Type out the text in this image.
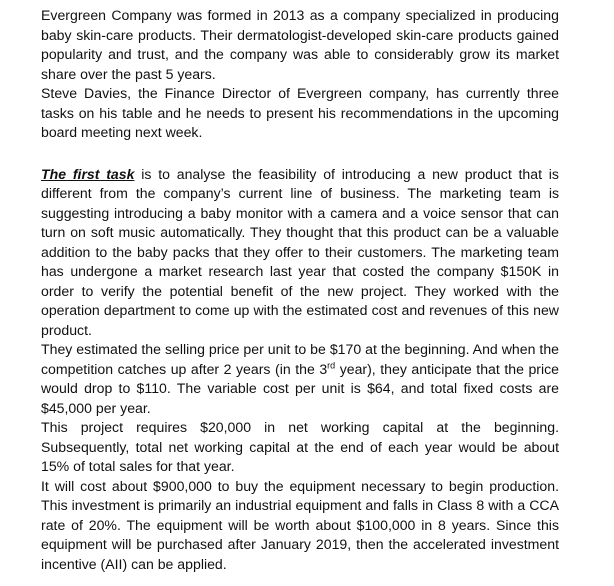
Evergreen Company was formed in 2013 as a company specialized in producing baby skin-care products. Their dermatologist-developed skin-care products gained popularity and trust, and the company was able to considerably grow its market share over the past 5 years.

Steve Davies, the Finance Director of Evergreen company, has currently three tasks on his table and he needs to present his recommendations in the upcoming board meeting next week.

The first task is to analyse the feasibility of introducing a new product that is different from the company’s current line of business. The marketing team is suggesting introducing a baby monitor with a camera and a voice sensor that can turn on soft music automatically. They thought that this product can be a valuable addition to the baby packs that they offer to their customers. The marketing team has undergone a market research last year that costed the company $150K in order to verify the potential benefit of the new project. They worked with the operation department to come up with the estimated cost and revenues of this new product.

They estimated the selling price per unit to be $170 at the beginning. And when the competition catches up after 2 years (in the 3rd year), they anticipate that the price would drop to $110. The variable cost per unit is $64, and total fixed costs are $45,000 per year.

This project requires $20,000 in net working capital at the beginning. Subsequently, total net working capital at the end of each year would be about 15% of total sales for that year.

It will cost about $900,000 to buy the equipment necessary to begin production. This investment is primarily an industrial equipment and falls in Class 8 with a CCA rate of 20%. The equipment will be worth about $100,000 in 8 years. Since this equipment will be purchased after January 2019, then the accelerated investment incentive (AII) can be applied.
